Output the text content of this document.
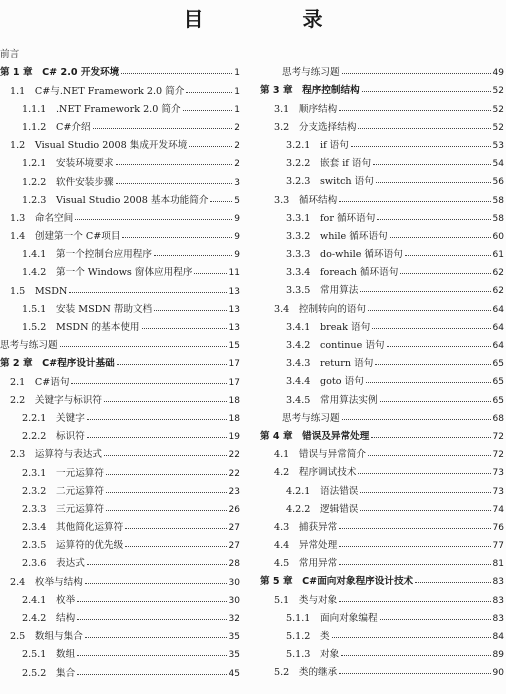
目 录
前言
第 1 章　C# 2.0 开发环境	1
1.1　C#与.NET Framework 2.0 简介	1
1.1.1　.NET Framework 2.0 简介	1
1.1.2　C#介绍	2
1.2　Visual Studio 2008 集成开发环境	2
1.2.1　安装环境要求	2
1.2.2　软件安装步骤	3
1.2.3　Visual Studio 2008 基本功能简介	5
1.3　命名空间	9
1.4　创建第一个 C#项目	9
1.4.1　第一个控制台应用程序	9
1.4.2　第一个 Windows 窗体应用程序	11
1.5　MSDN	13
1.5.1　安装 MSDN 帮助文档	13
1.5.2　MSDN 的基本使用	13
思考与练习题	15
第 2 章　C#程序设计基础	17
2.1　C#语句	17
2.2　关键字与标识符	18
2.2.1　关键字	18
2.2.2　标识符	19
2.3　运算符与表达式	22
2.3.1　一元运算符	22
2.3.2　二元运算符	23
2.3.3　三元运算符	26
2.3.4　其他简化运算符	27
2.3.5　运算符的优先级	27
2.3.6　表达式	28
2.4　枚举与结构	30
2.4.1　枚举	30
2.4.2　结构	32
2.5　数组与集合	35
2.5.1　数组	35
2.5.2　集合	45
思考与练习题	49
第 3 章　程序控制结构	52
3.1　顺序结构	52
3.2　分支选择结构	52
3.2.1　if 语句	53
3.2.2　嵌套 if 语句	54
3.2.3　switch 语句	56
3.3　循环结构	58
3.3.1　for 循环语句	58
3.3.2　while 循环语句	60
3.3.3　do-while 循环语句	61
3.3.4　foreach 循环语句	62
3.3.5　常用算法	62
3.4　控制转向的语句	64
3.4.1　break 语句	64
3.4.2　continue 语句	64
3.4.3　return 语句	65
3.4.4　goto 语句	65
3.4.5　常用算法实例	65
思考与练习题	68
第 4 章　错误及异常处理	72
4.1　错误与异常简介	72
4.2　程序调试技术	73
4.2.1　语法错误	73
4.2.2　逻辑错误	74
4.3　捕获异常	76
4.4　异常处理	77
4.5　常用异常	81
第 5 章　C#面向对象程序设计技术	83
5.1　类与对象	83
5.1.1　面向对象编程	83
5.1.2　类	84
5.1.3　对象	89
5.2　类的继承	90
